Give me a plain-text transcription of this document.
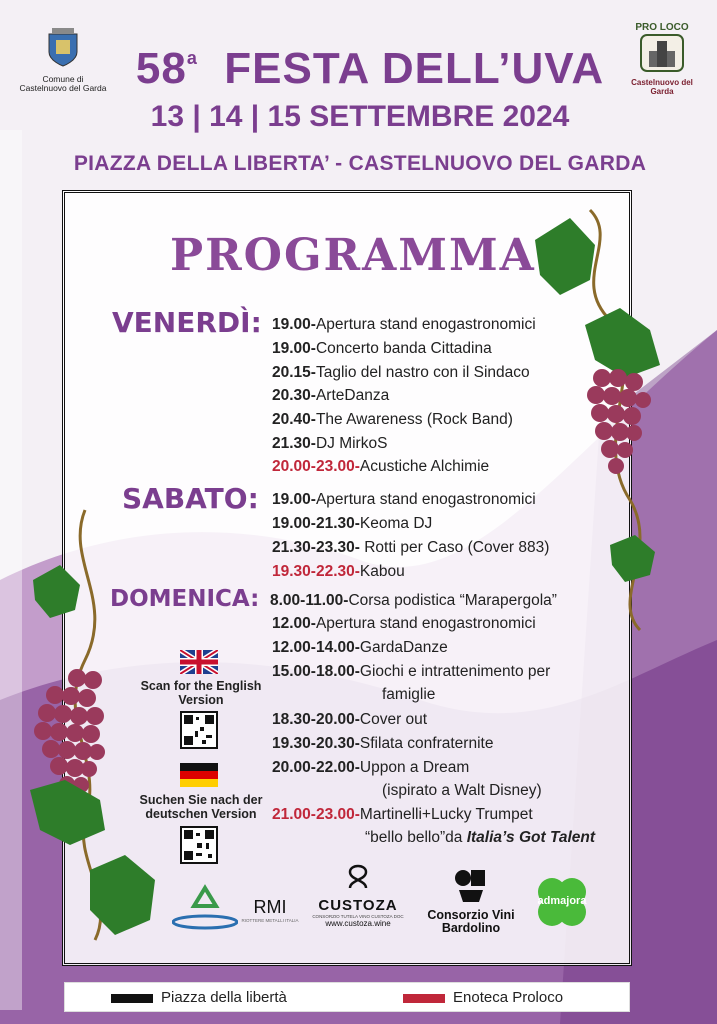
Comune di Castelnuovo del Garda
PRO LOCO
Castelnuovo del Garda
58$^a$ FESTA DELL’UVA
13 | 14 | 15 SETTEMBRE 2024
PIAZZA DELLA LIBERTA’ - CASTELNUOVO DEL GARDA
PROGRAMMA
VENERDÌ:
SABATO:
DOMENICA:
19.00-Apertura stand enogastronomici
19.00-Concerto banda Cittadina
20.15-Taglio del nastro con il Sindaco
20.30-ArteDanza
20.40-The Awareness (Rock Band)
21.30-DJ MirkoS
20.00-23.00-Acustiche Alchimie
19.00-Apertura stand enogastronomici
19.00-21.30-Keoma DJ
21.30-23.30- Rotti per Caso (Cover 883)
19.30-22.30-Kabou
8.00-11.00-Corsa podistica “Marapergola”
12.00-Apertura stand enogastronomici
12.00-14.00-GardaDanze
15.00-18.00-Giochi e intrattenimento per
famiglie
18.30-20.00-Cover out
19.30-20.30-Sfilata confraternite
20.00-22.00-Uppon a Dream
(ispirato a Walt Disney)
21.00-23.00-Martinelli+Lucky Trumpet
“bello bello”da Italia’s Got Talent
Scan for the English Version
Suchen Sie nach der deutschen Version
RMI
RIOTTERE METALLI ITALIA
CUSTOZA
CONSORZIO TUTELA VINO CUSTOZA DOC
www.custoza.wine
Consorzio Vini Bardolino
admajora
Piazza della libertà	Enoteca Proloco
